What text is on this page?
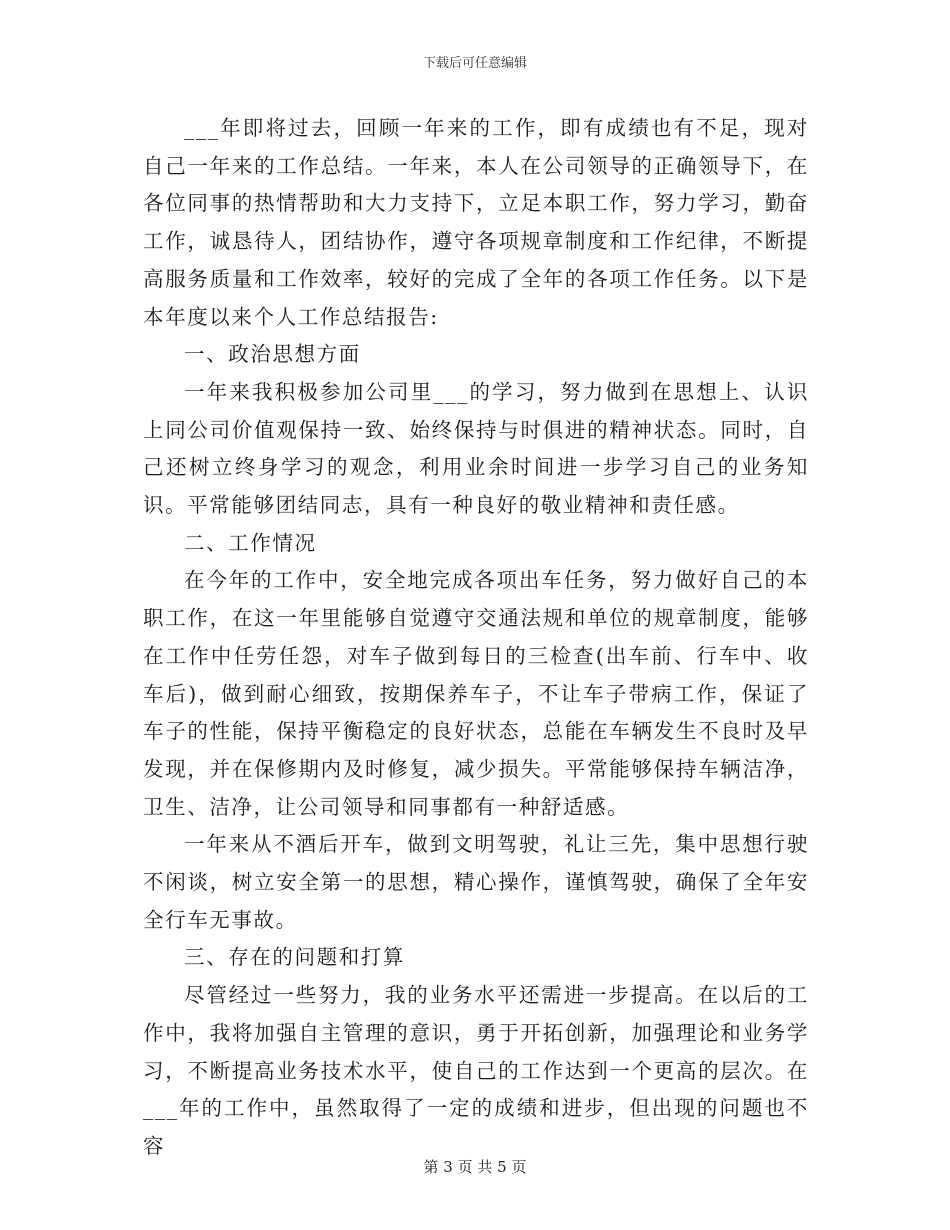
下载后可任意编辑

___年即将过去，回顾一年来的工作，即有成绩也有不足，现对自己一年来的工作总结。一年来，本人在公司领导的正确领导下，在各位同事的热情帮助和大力支持下，立足本职工作，努力学习，勤奋工作，诚恳待人，团结协作，遵守各项规章制度和工作纪律，不断提高服务质量和工作效率，较好的完成了全年的各项工作任务。以下是本年度以来个人工作总结报告:

一、政治思想方面

一年来我积极参加公司里___的学习，努力做到在思想上、认识上同公司价值观保持一致、始终保持与时俱进的精神状态。同时，自己还树立终身学习的观念，利用业余时间进一步学习自己的业务知识。平常能够团结同志，具有一种良好的敬业精神和责任感。

二、工作情况

在今年的工作中，安全地完成各项出车任务，努力做好自己的本职工作，在这一年里能够自觉遵守交通法规和单位的规章制度，能够在工作中任劳任怨，对车子做到每日的三检查(出车前、行车中、收车后)，做到耐心细致，按期保养车子，不让车子带病工作，保证了车子的性能，保持平衡稳定的良好状态，总能在车辆发生不良时及早发现，并在保修期内及时修复，减少损失。平常能够保持车辆洁净，卫生、洁净，让公司领导和同事都有一种舒适感。

一年来从不酒后开车，做到文明驾驶，礼让三先，集中思想行驶不闲谈，树立安全第一的思想，精心操作，谨慎驾驶，确保了全年安全行车无事故。

三、存在的问题和打算

尽管经过一些努力，我的业务水平还需进一步提高。在以后的工作中，我将加强自主管理的意识，勇于开拓创新，加强理论和业务学习，不断提高业务技术水平，使自己的工作达到一个更高的层次。在___年的工作中，虽然取得了一定的成绩和进步，但出现的问题也不容

第 3 页 共 5 页
